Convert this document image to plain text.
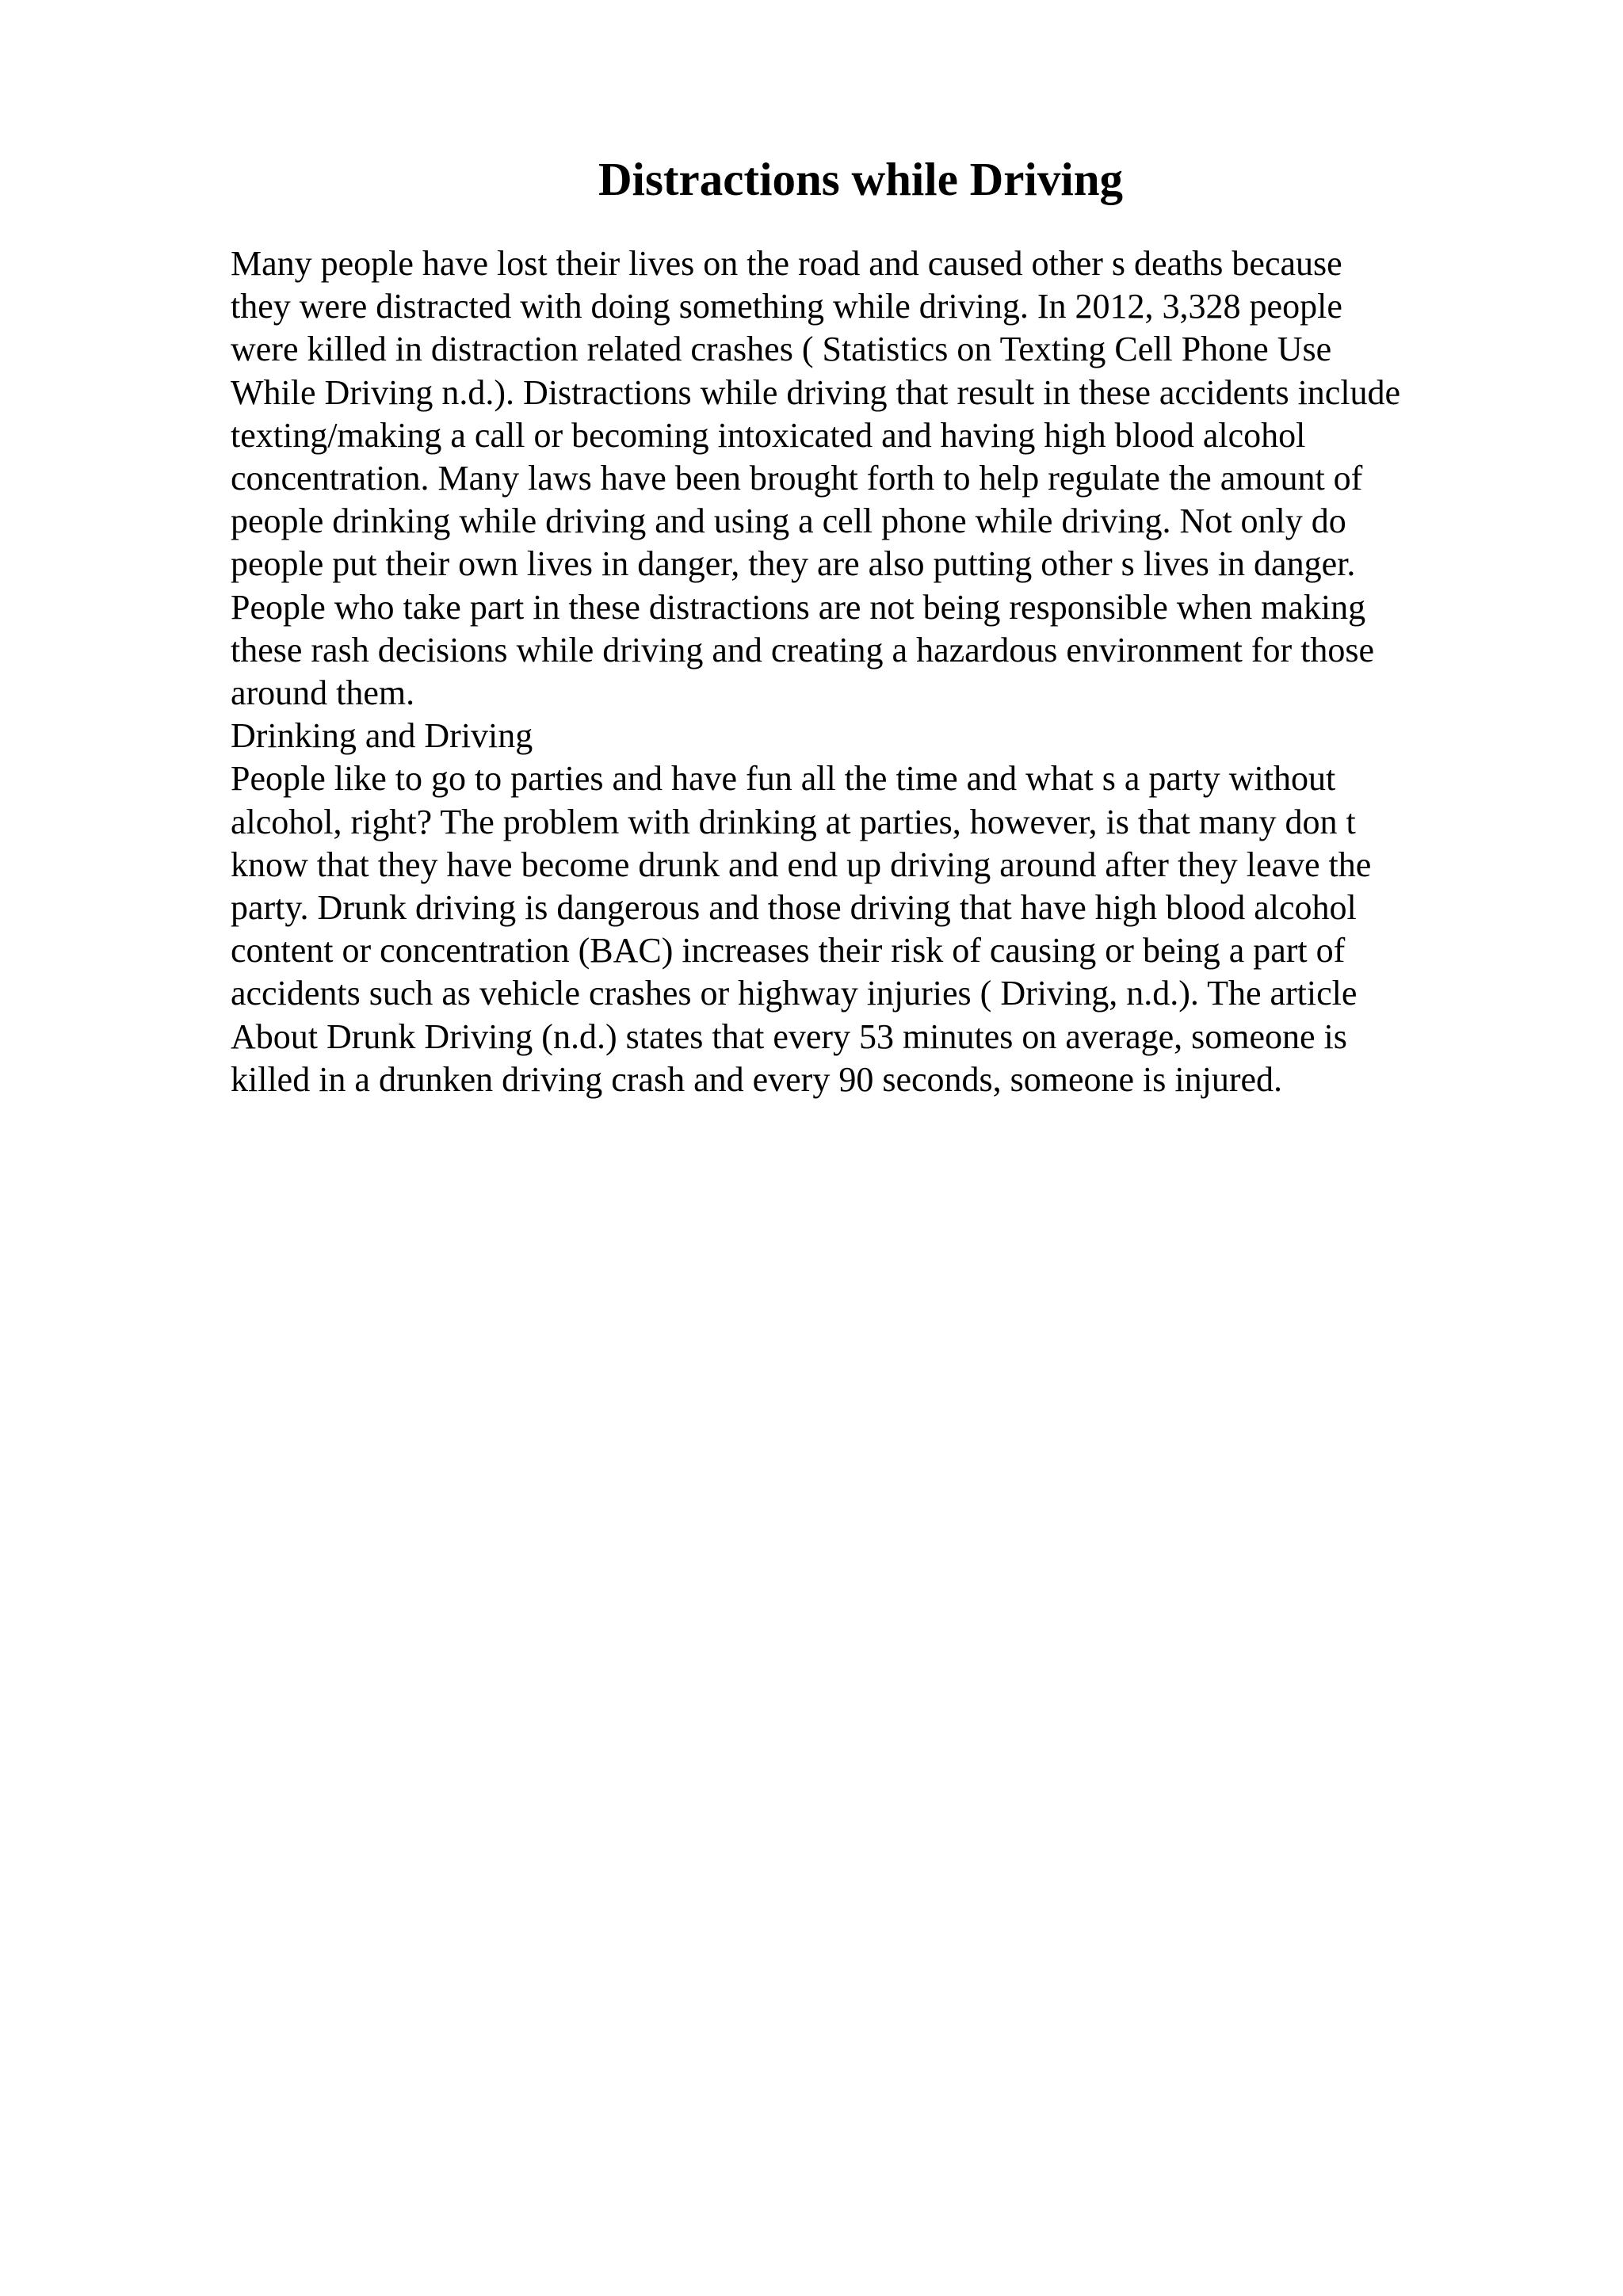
Distractions while Driving
Many people have lost their lives on the road and caused other s deaths because
they were distracted with doing something while driving. In 2012, 3,328 people
were killed in distraction related crashes ( Statistics on Texting Cell Phone Use
While Driving n.d.). Distractions while driving that result in these accidents include
texting/making a call or becoming intoxicated and having high blood alcohol
concentration. Many laws have been brought forth to help regulate the amount of
people drinking while driving and using a cell phone while driving. Not only do
people put their own lives in danger, they are also putting other s lives in danger.
People who take part in these distractions are not being responsible when making
these rash decisions while driving and creating a hazardous environment for those
around them.
Drinking and Driving
People like to go to parties and have fun all the time and what s a party without
alcohol, right? The problem with drinking at parties, however, is that many don t
know that they have become drunk and end up driving around after they leave the
party. Drunk driving is dangerous and those driving that have high blood alcohol
content or concentration (BAC) increases their risk of causing or being a part of
accidents such as vehicle crashes or highway injuries ( Driving, n.d.). The article
About Drunk Driving (n.d.) states that every 53 minutes on average, someone is
killed in a drunken driving crash and every 90 seconds, someone is injured.
